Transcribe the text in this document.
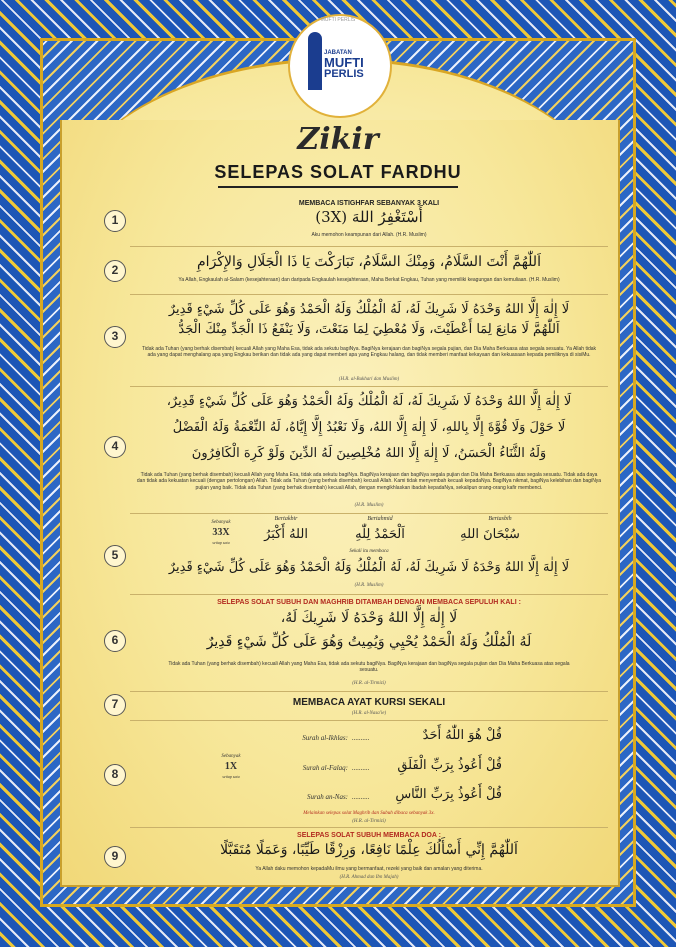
MUFTI PERLIS
JABATAN
MUFTI
PERLIS
Zikir
SELEPAS SOLAT FARDHU
MEMBACA ISTIGHFAR SEBANYAK 3 KALI
1	أَسْتَغْفِرُ اللهَ (3X)
Aku memohon keampunan dari Allah. (H.R. Muslim)
2	اَللّٰهُمَّ أَنْتَ السَّلَامُ، وَمِنْكَ السَّلَامُ، تَبَارَكْتَ يَا ذَا الْجَلَالِ وَالإِكْرَامِ
Ya Allah, Engkaulah al-Salam (kesejahteraan) dan daripada Engkaulah kesejahteraan, Maha Berkat Engkau, Tuhan yang memiliki keagungan dan kemuliaan. (H.R. Muslim)
3
لَا إِلٰهَ إِلَّا اللهُ وَحْدَهُ لَا شَرِيكَ لَهُ، لَهُ الْمُلْكُ وَلَهُ الْحَمْدُ وَهُوَ عَلَى كُلِّ شَيْءٍ قَدِيرٌ
اَللّٰهُمَّ لَا مَانِعَ لِمَا أَعْطَيْتَ، وَلَا مُعْطِيَ لِمَا مَنَعْتَ، وَلَا يَنْفَعُ ذَا الْجَدِّ مِنْكَ الْجَدُّ
Tidak ada Tuhan (yang berhak disembah) kecuali Allah yang Maha Esa, tidak ada sekutu bagiNya. BagiNya kerajaan dan bagiNya segala pujian, dan Dia Maha Berkuasa atas segala sesuatu. Ya Allah tidak ada yang dapat menghalang apa yang Engkau berikan dan tidak ada yang dapat memberi apa yang Engkau halang, dan tidak memberi manfaat kekayaan dan kekuasaan kepada pemiliknya di sisiMu.
(H.R. al-Bukhari dan Muslim)
4
لَا إِلٰهَ إِلَّا اللهُ وَحْدَهُ لَا شَرِيكَ لَهُ، لَهُ الْمُلْكُ وَلَهُ الْحَمْدُ وَهُوَ عَلَى كُلِّ شَيْءٍ قَدِيرٌ،
لَا حَوْلَ وَلَا قُوَّةَ إِلَّا بِاللهِ، لَا إِلٰهَ إِلَّا اللهُ، وَلَا نَعْبُدُ إِلَّا إِيَّاهُ، لَهُ النِّعْمَةُ وَلَهُ الْفَضْلُ
وَلَهُ الثَّنَاءُ الْحَسَنُ، لَا إِلٰهَ إِلَّا اللهُ مُخْلِصِينَ لَهُ الدِّينَ وَلَوْ كَرِهَ الْكَافِرُونَ
Tidak ada Tuhan (yang berhak disembah) kecuali Allah yang Maha Esa, tidak ada sekutu bagiNya. BagiNya kerajaan dan bagiNya segala pujian dan Dia Maha Berkuasa atas segala sesuatu. Tidak ada daya dan tidak ada kekuatan kecuali (dengan pertolongan) Allah. Tidak ada Tuhan (yang berhak disembah) kecuali Allah. Kami tidak menyembah kecuali kepadaNya. BagiNya nikmat, bagiNya kelebihan dan bagiNya pujian yang baik. Tidak ada Tuhan (yang berhak disembah) kecuali Allah, dengan mengikhlaskan ibadah kepadaNya, sekalipun orang-orang kafir membenci.
(H.R. Muslim)
5
Sebanyak
33X
setiap satu
Bertasbih
سُبْحَانَ اللهِ
Bertahmid
اَلْحَمْدُ لِلّٰهِ
Bertakbir
اللهُ أَكْبَرُ
Sekali itu membaca
لَا إِلٰهَ إِلَّا اللهُ وَحْدَهُ لَا شَرِيكَ لَهُ، لَهُ الْمُلْكُ وَلَهُ الْحَمْدُ وَهُوَ عَلَى كُلِّ شَيْءٍ قَدِيرٌ
(H.R. Muslim)
SELEPAS SOLAT SUBUH DAN MAGHRIB DITAMBAH DENGAN MEMBACA SEPULUH KALI :
6
لَا إِلٰهَ إِلَّا اللهُ وَحْدَهُ لَا شَرِيكَ لَهُ،
لَهُ الْمُلْكُ وَلَهُ الْحَمْدُ يُحْيِي وَيُمِيتُ وَهُوَ عَلَى كُلِّ شَيْءٍ قَدِيرٌ
Tidak ada Tuhan (yang berhak disembah) kecuali Allah yang Maha Esa, tidak ada sekutu bagiNya. BagiNya kerajaan dan bagiNya segala pujian dan Dia Maha Berkuasa atas segala sesuatu.
(H.R. al-Tirmizi)
7	MEMBACA AYAT KURSI SEKALI
(H.R. al-Nasa'ie)
8
Sebanyak
1X
setiap satu
Surah al-Ikhlas: ..........	قُلْ هُوَ اللّٰهُ أَحَدٌ
Surah al-Falaq: ..........	قُلْ أَعُوذُ بِرَبِّ الْفَلَقِ
Surah an-Nas: ..........	قُلْ أَعُوذُ بِرَبِّ النَّاسِ
Melainkan selepas solat Maghrib dan Subuh dibaca sebanyak 3x.
(H.R. al-Tirmizi)
SELEPAS SOLAT SUBUH MEMBACA DOA :
9	اَللّٰهُمَّ إِنِّي أَسْأَلُكَ عِلْمًا نَافِعًا، وَرِزْقًا طَيِّبًا، وَعَمَلًا مُتَقَبَّلًا
Ya Allah daku memohon kepadaMu ilmu yang bermanfaat, rezeki yang baik dan amalan yang diterima.
(H.R. Ahmad dan Ibn Majah)
